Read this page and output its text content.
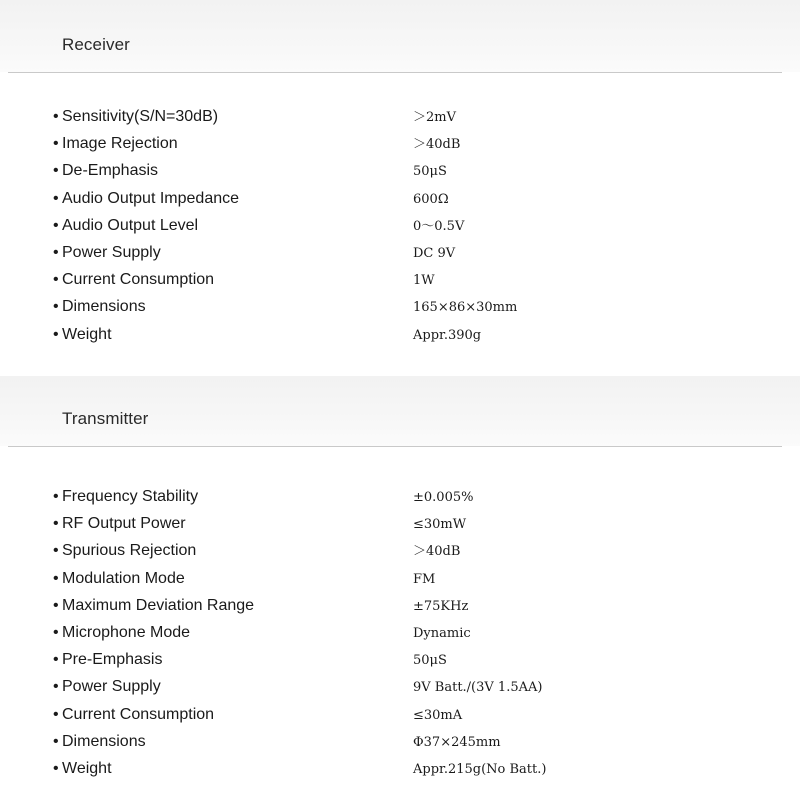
Receiver
• Sensitivity(S/N=30dB)	＞2mV
• Image Rejection	＞40dB
• De-Emphasis	50μS
• Audio Output Impedance	600Ω
• Audio Output Level	0～0.5V
• Power Supply	DC 9V
• Current Consumption	1W
• Dimensions	165×86×30mm
• Weight	Appr.390g
Transmitter
• Frequency Stability	±0.005%
• RF Output Power	≤30mW
• Spurious Rejection	＞40dB
• Modulation Mode	FM
• Maximum Deviation Range	±75KHz
• Microphone Mode	Dynamic
• Pre-Emphasis	50μS
• Power Supply	9V Batt./(3V 1.5AA)
• Current Consumption	≤30mA
• Dimensions	Φ37×245mm
• Weight	Appr.215g(No Batt.)
